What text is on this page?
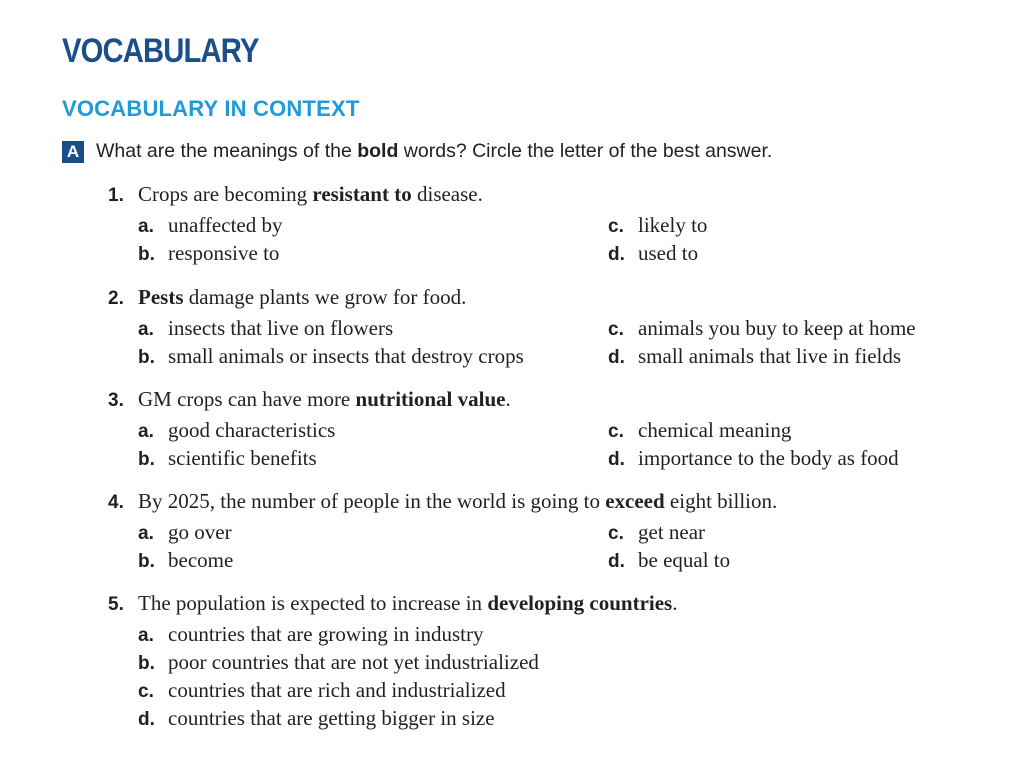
VOCABULARY
VOCABULARY IN CONTEXT
A What are the meanings of the bold words? Circle the letter of the best answer.
1. Crops are becoming resistant to disease.
a. unaffected by
b. responsive to
c. likely to
d. used to
2. Pests damage plants we grow for food.
a. insects that live on flowers
b. small animals or insects that destroy crops
c. animals you buy to keep at home
d. small animals that live in fields
3. GM crops can have more nutritional value.
a. good characteristics
b. scientific benefits
c. chemical meaning
d. importance to the body as food
4. By 2025, the number of people in the world is going to exceed eight billion.
a. go over
b. become
c. get near
d. be equal to
5. The population is expected to increase in developing countries.
a. countries that are growing in industry
b. poor countries that are not yet industrialized
c. countries that are rich and industrialized
d. countries that are getting bigger in size
